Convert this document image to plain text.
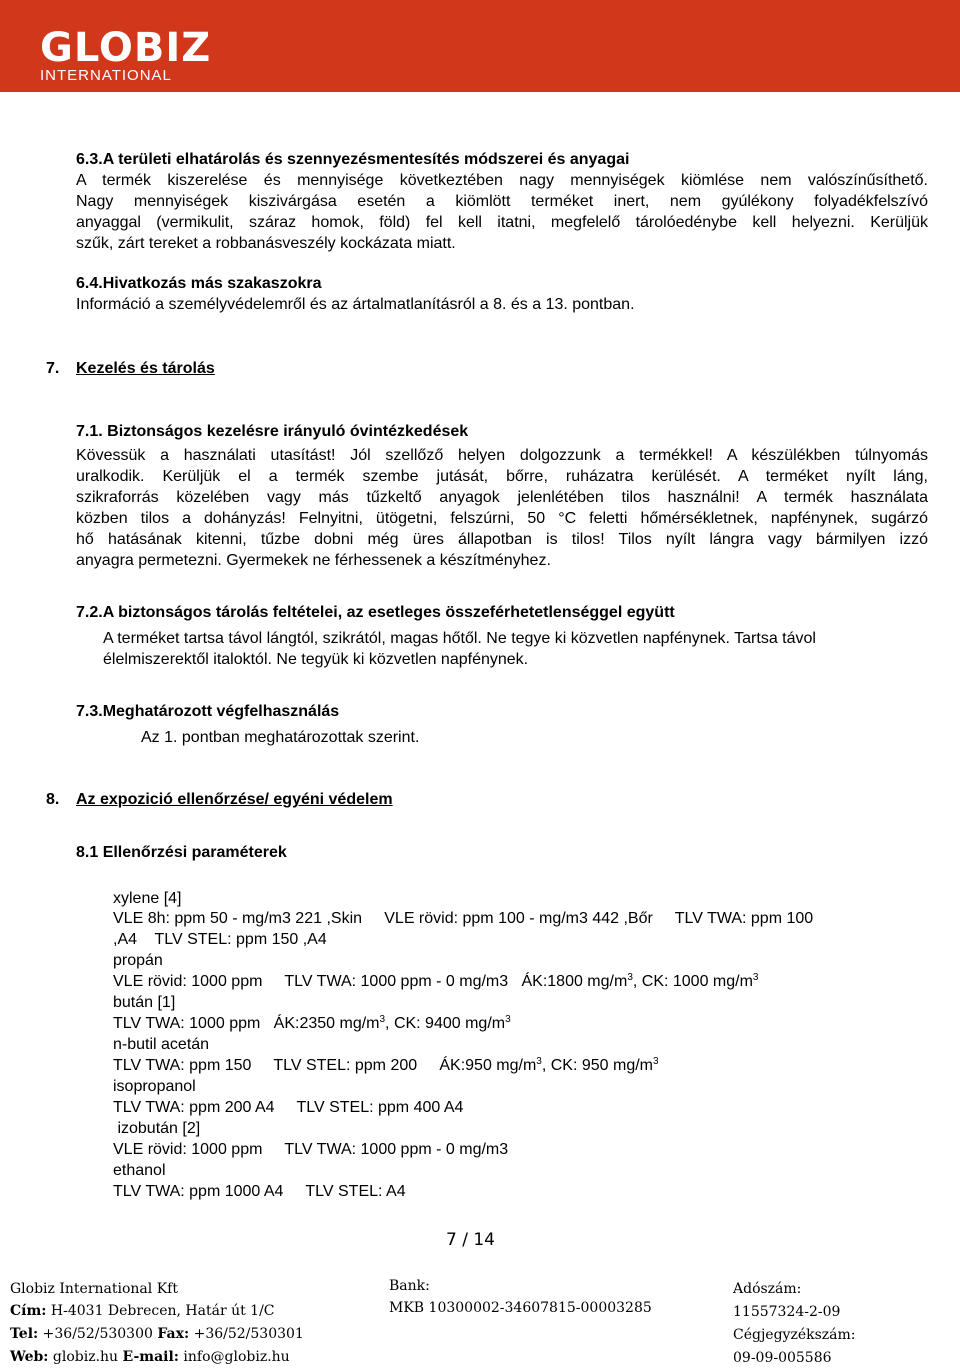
GLOBIZ
INTERNATIONAL
6.3.A területi elhatárolás és szennyezésmentesítés módszerei és anyagai
A termék kiszerelése és mennyisége következtében nagy mennyiségek kiömlése nem valószínűsíthető.
Nagy mennyiségek kiszivárgása esetén a kiömlött terméket inert, nem gyúlékony folyadékfelszívó
anyaggal (vermikulit, száraz homok, föld) fel kell itatni, megfelelő tárolóedénybe kell helyezni. Kerüljük
szűk, zárt tereket a robbanásveszély kockázata miatt.
6.4.Hivatkozás más szakaszokra
Információ a személyvédelemről és az ártalmatlanításról a 8. és a 13. pontban.
7. Kezelés és tárolás
7.1. Biztonságos kezelésre irányuló óvintézkedések
Kövessük a használati utasítást! Jól szellőző helyen dolgozzunk a termékkel! A készülékben túlnyomás
uralkodik. Kerüljük el a termék szembe jutását, bőrre, ruházatra kerülését. A terméket nyílt láng,
szikraforrás közelében vagy más tűzkeltő anyagok jelenlétében tilos használni! A termék használata
közben tilos a dohányzás! Felnyitni, ütögetni, felszúrni, 50 °C feletti hőmérsékletnek, napfénynek, sugárzó
hő hatásának kitenni, tűzbe dobni még üres állapotban is tilos! Tilos nyílt lángra vagy bármilyen izzó
anyagra permetezni. Gyermekek ne férhessenek a készítményhez.
7.2.A biztonságos tárolás feltételei, az esetleges összeférhetetlenséggel együtt
A terméket tartsa távol lángtól, szikrától, magas hőtől. Ne tegye ki közvetlen napfénynek. Tartsa távol
élelmiszerektől italoktól. Ne tegyük ki közvetlen napfénynek.
7.3.Meghatározott végfelhasználás
Az 1. pontban meghatározottak szerint.
8. Az expozició ellenőrzése/ egyéni védelem
8.1 Ellenőrzési paraméterek
xylene [4]
VLE 8h: ppm 50 - mg/m3 221 ,Skin     VLE rövid: ppm 100 - mg/m3 442 ,Bőr     TLV TWA: ppm 100
,A4    TLV STEL: ppm 150 ,A4
propán
VLE rövid: 1000 ppm     TLV TWA: 1000 ppm - 0 mg/m3   ÁK:1800 $mg/m^3$, CK: 1000 $mg/m^3$
bután [1]
TLV TWA: 1000 ppm   ÁK:2350 $mg/m^3$, CK: 9400 $mg/m^3$
n-butil acetán
TLV TWA: ppm 150     TLV STEL: ppm 200     ÁK:950 $mg/m^3$, CK: 950 $mg/m^3$
isopropanol
TLV TWA: ppm 200 A4     TLV STEL: ppm 400 A4
izobután [2]
VLE rövid: 1000 ppm     TLV TWA: 1000 ppm - 0 mg/m3
ethanol
TLV TWA: ppm 1000 A4     TLV STEL: A4
7 / 14
Globiz International Kft
Cím: H-4031 Debrecen, Határ út 1/C
Tel: +36/52/530300 Fax: +36/52/530301
Web: globiz.hu E-mail: info@globiz.hu
Bank:
MKB 10300002-34607815-00003285
Adószám:
11557324-2-09
Cégjegyzékszám:
09-09-005586
